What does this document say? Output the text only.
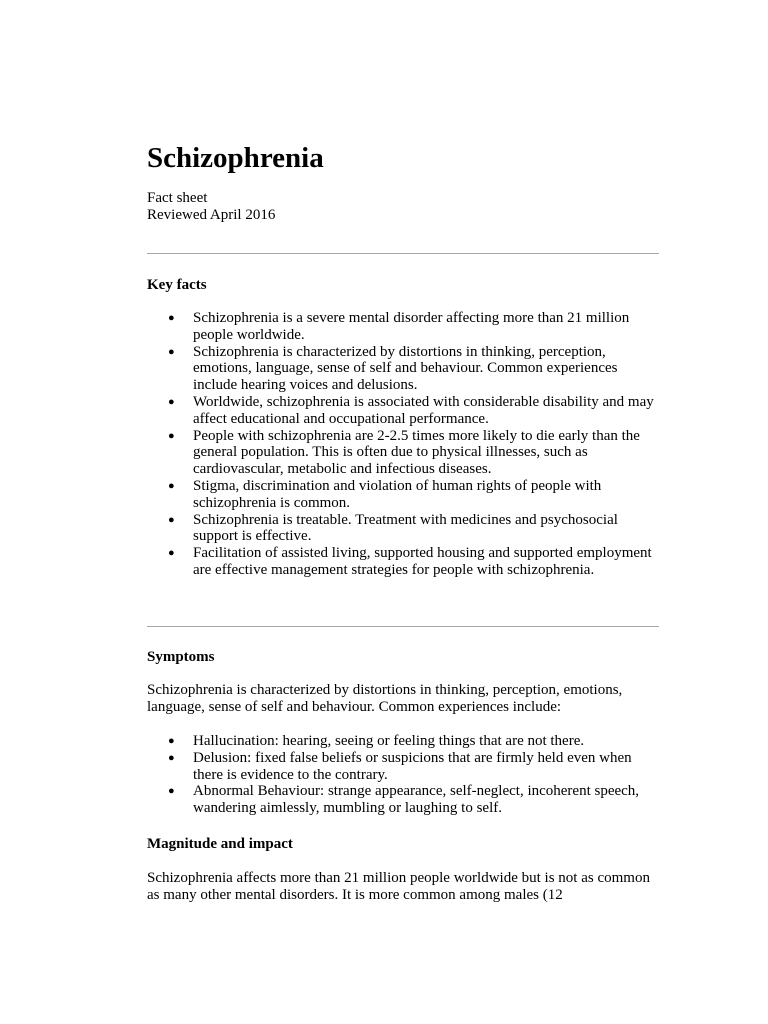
Schizophrenia
Fact sheet
Reviewed April 2016
Key facts
● Schizophrenia is a severe mental disorder affecting more than 21 million people worldwide.
● Schizophrenia is characterized by distortions in thinking, perception, emotions, language, sense of self and behaviour. Common experiences include hearing voices and delusions.
● Worldwide, schizophrenia is associated with considerable disability and may affect educational and occupational performance.
● People with schizophrenia are 2-2.5 times more likely to die early than the general population. This is often due to physical illnesses, such as cardiovascular, metabolic and infectious diseases.
● Stigma, discrimination and violation of human rights of people with schizophrenia is common.
● Schizophrenia is treatable. Treatment with medicines and psychosocial support is effective.
● Facilitation of assisted living, supported housing and supported employment are effective management strategies for people with schizophrenia.
Symptoms

Schizophrenia is characterized by distortions in thinking, perception, emotions, language, sense of self and behaviour. Common experiences include:

● Hallucination: hearing, seeing or feeling things that are not there.
● Delusion: fixed false beliefs or suspicions that are firmly held even when there is evidence to the contrary.
● Abnormal Behaviour: strange appearance, self-neglect, incoherent speech, wandering aimlessly, mumbling or laughing to self.
Magnitude and impact

Schizophrenia affects more than 21 million people worldwide but is not as common as many other mental disorders. It is more common among males (12
